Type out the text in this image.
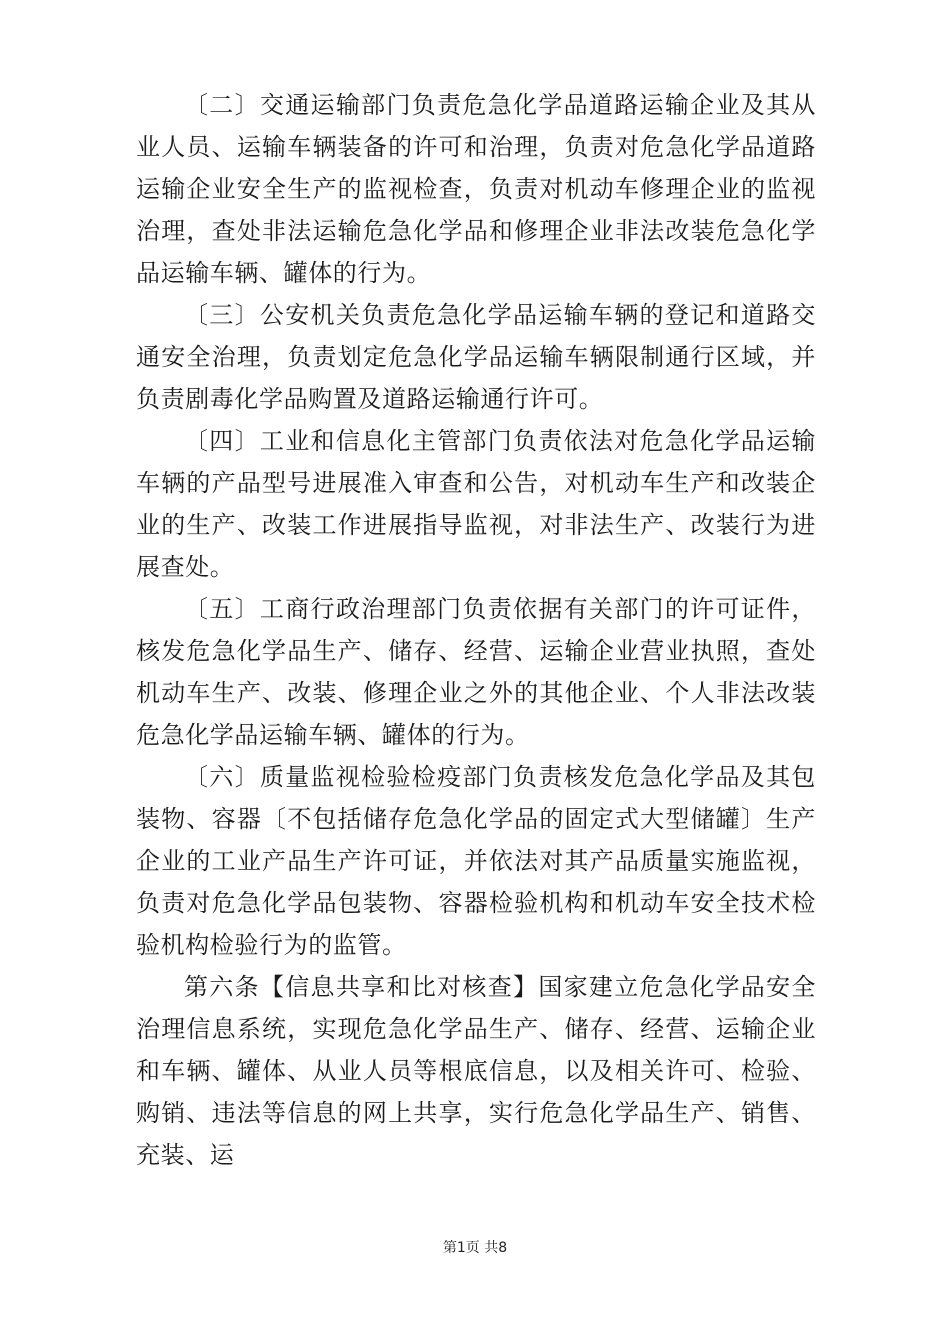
〔二〕交通运输部门负责危急化学品道路运输企业及其从业人员、运输车辆装备的许可和治理，负责对危急化学品道路运输企业安全生产的监视检查，负责对机动车修理企业的监视治理，查处非法运输危急化学品和修理企业非法改装危急化学品运输车辆、罐体的行为。

〔三〕公安机关负责危急化学品运输车辆的登记和道路交通安全治理，负责划定危急化学品运输车辆限制通行区域，并负责剧毒化学品购置及道路运输通行许可。

〔四〕工业和信息化主管部门负责依法对危急化学品运输车辆的产品型号进展准入审查和公告，对机动车生产和改装企业的生产、改装工作进展指导监视，对非法生产、改装行为进展查处。

〔五〕工商行政治理部门负责依据有关部门的许可证件，核发危急化学品生产、储存、经营、运输企业营业执照，查处机动车生产、改装、修理企业之外的其他企业、个人非法改装危急化学品运输车辆、罐体的行为。

〔六〕质量监视检验检疫部门负责核发危急化学品及其包装物、容器〔不包括储存危急化学品的固定式大型储罐〕生产企业的工业产品生产许可证，并依法对其产品质量实施监视，负责对危急化学品包装物、容器检验机构和机动车安全技术检验机构检验行为的监管。

第六条【信息共享和比对核查】国家建立危急化学品安全治理信息系统，实现危急化学品生产、储存、经营、运输企业和车辆、罐体、从业人员等根底信息，以及相关许可、检验、购销、违法等信息的网上共享，实行危急化学品生产、销售、充装、运

第1页 共8
